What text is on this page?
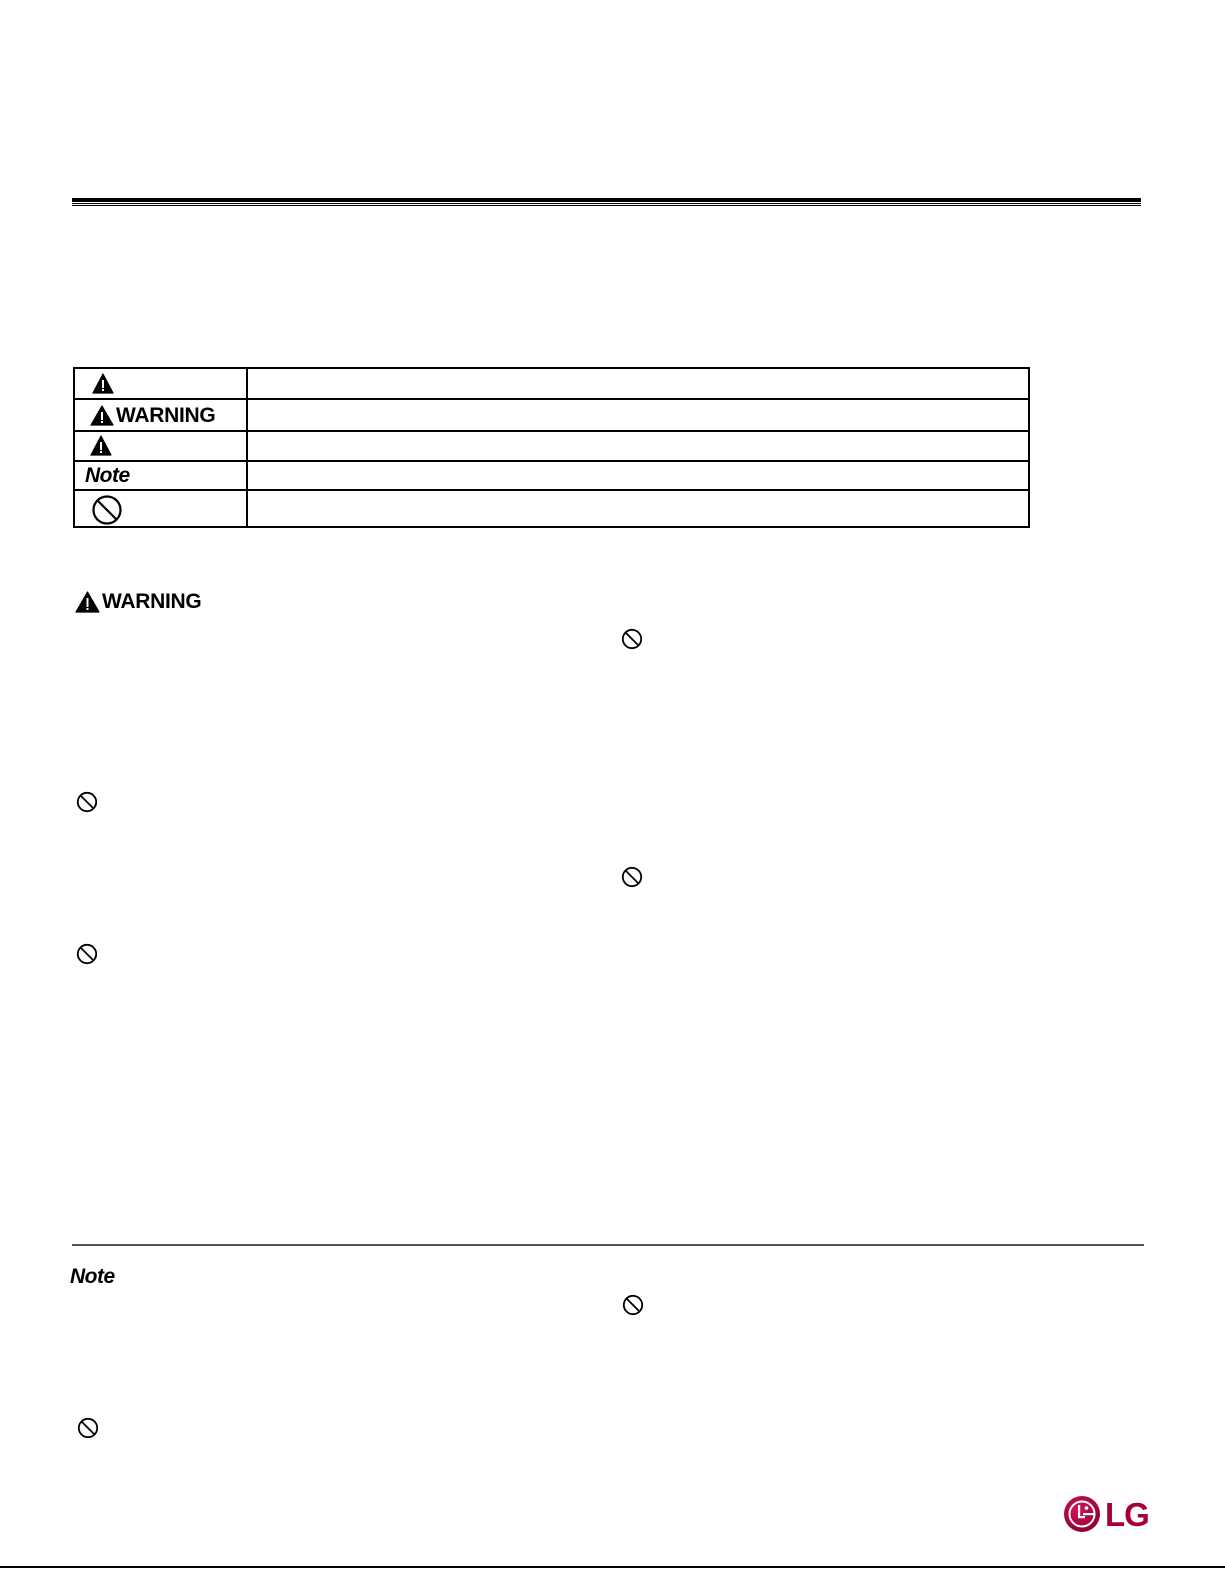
WARNING
Note
WARNING
Note
LG
